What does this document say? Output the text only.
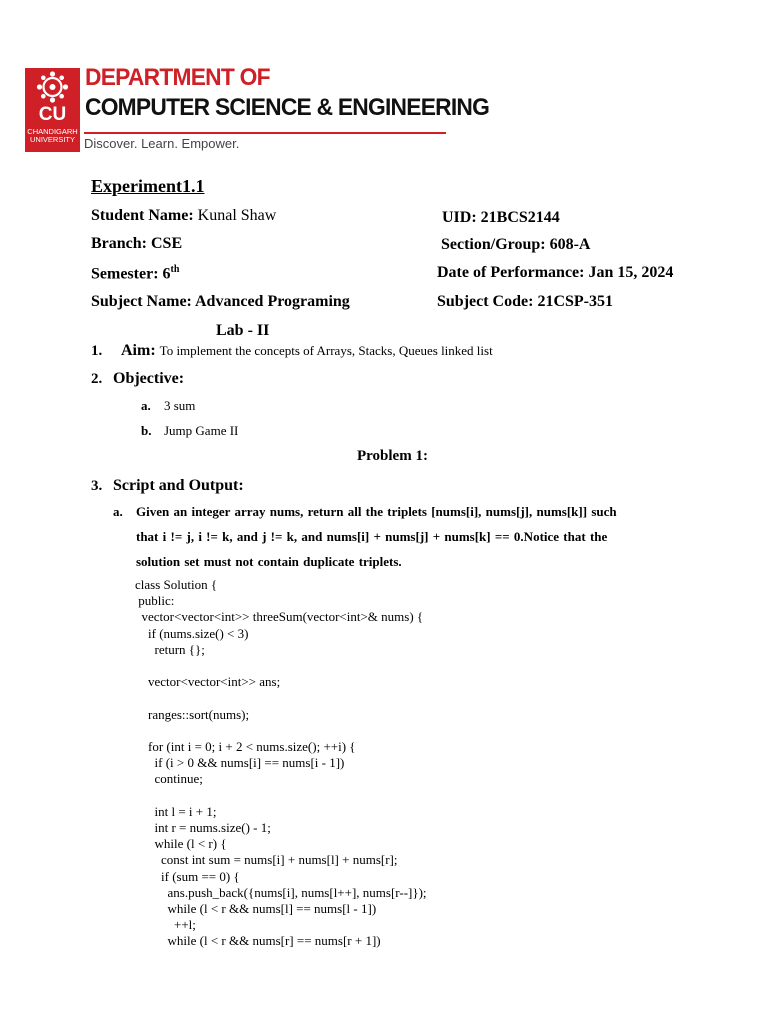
CU
CHANDIGARH UNIVERSITY
DEPARTMENT OF
COMPUTER SCIENCE & ENGINEERING
Discover. Learn. Empower.
Experiment1.1
Student Name: Kunal Shaw	UID: 21BCS2144
Branch: CSE	Section/Group: 608-A
Semester: 6th	Date of Performance: Jan 15, 2024
Subject Name: Advanced Programing	Subject Code: 21CSP-351
Lab - II
1. Aim: To implement the concepts of Arrays, Stacks, Queues linked list
2. Objective:
a. 3 sum
b. Jump Game II
Problem 1:
3. Script and Output:
a. Given an integer array nums, return all the triplets [nums[i], nums[j], nums[k]] such
that i != j, i != k, and j != k, and nums[i] + nums[j] + nums[k] == 0.Notice that the
solution set must not contain duplicate triplets.
class Solution {
public:
vector<vector<int>> threeSum(vector<int>& nums) {
if (nums.size() < 3)
return {};

vector<vector<int>> ans;

ranges::sort(nums);

for (int i = 0; i + 2 < nums.size(); ++i) {
if (i > 0 && nums[i] == nums[i - 1])
continue;

int l = i + 1;
int r = nums.size() - 1;
while (l < r) {
const int sum = nums[i] + nums[l] + nums[r];
if (sum == 0) {
ans.push_back({nums[i], nums[l++], nums[r--]});
while (l < r && nums[l] == nums[l - 1])
++l;
while (l < r && nums[r] == nums[r + 1])
